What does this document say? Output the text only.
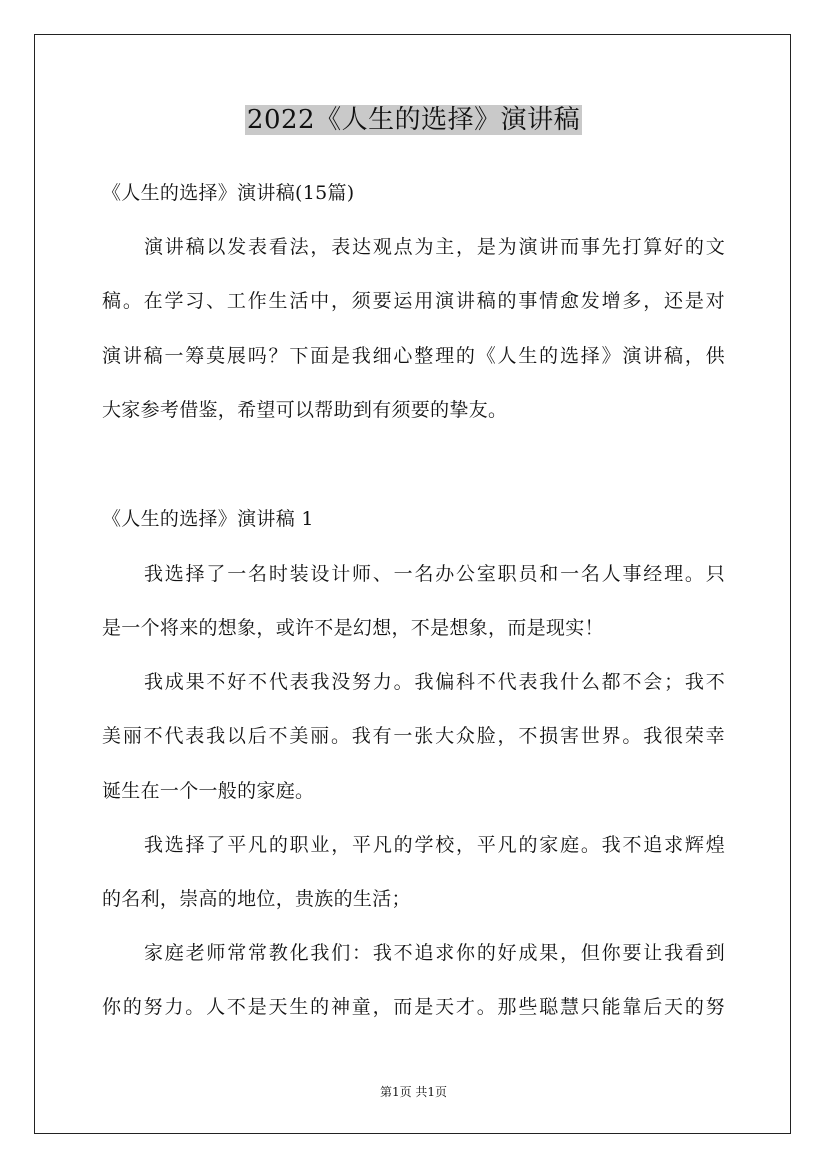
2022《人生的选择》演讲稿
《人生的选择》演讲稿(15篇)
演讲稿以发表看法，表达观点为主，是为演讲而事先打算好的文
稿。在学习、工作生活中，须要运用演讲稿的事情愈发增多，还是对
演讲稿一筹莫展吗？下面是我细心整理的《人生的选择》演讲稿，供
大家参考借鉴，希望可以帮助到有须要的挚友。
《人生的选择》演讲稿 1
我选择了一名时装设计师、一名办公室职员和一名人事经理。只
是一个将来的想象，或许不是幻想，不是想象，而是现实！
我成果不好不代表我没努力。我偏科不代表我什么都不会；我不
美丽不代表我以后不美丽。我有一张大众脸，不损害世界。我很荣幸
诞生在一个一般的家庭。
我选择了平凡的职业，平凡的学校，平凡的家庭。我不追求辉煌
的名利，崇高的地位，贵族的生活；
家庭老师常常教化我们：我不追求你的好成果，但你要让我看到
你的努力。人不是天生的神童，而是天才。那些聪慧只能靠后天的努
第1页 共1页
